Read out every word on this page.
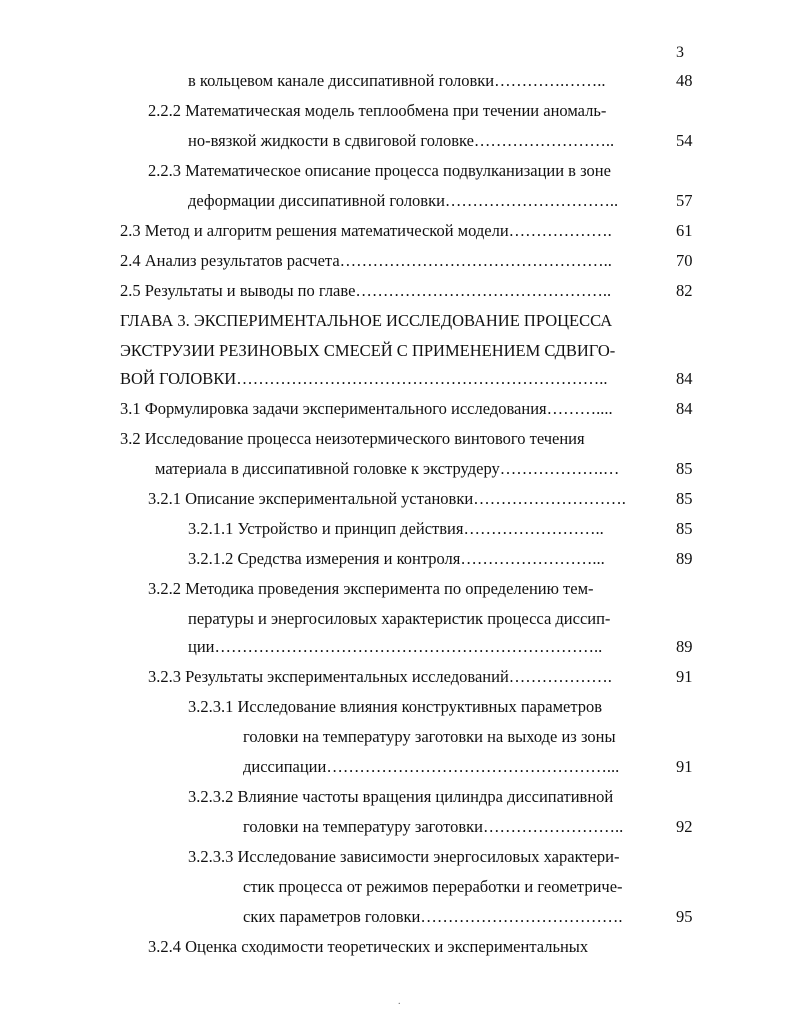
3
в кольцевом канале диссипативной головки………….……..	48
2.2.2 Математическая модель теплообмена при течении аномаль-
но-вязкой жидкости в сдвиговой головке……………………..	54
2.2.3 Математическое описание процесса подвулканизации в зоне
деформации диссипативной головки…………………………..	57
2.3 Метод и алгоритм решения математической модели……………….	61
2.4 Анализ результатов расчета…………………………………………..	70
2.5 Результаты и выводы по главе………………………………………..	82
ГЛАВА 3. ЭКСПЕРИМЕНТАЛЬНОЕ ИССЛЕДОВАНИЕ ПРОЦЕССА
ЭКСТРУЗИИ РЕЗИНОВЫХ СМЕСЕЙ С ПРИМЕНЕНИЕМ СДВИГО-
ВОЙ ГОЛОВКИ…………………………………………………………..	84
3.1 Формулировка задачи экспериментального исследования………....	84
3.2 Исследование процесса неизотермического винтового течения
материала в диссипативной головке к экструдеру……………….…	85
3.2.1 Описание экспериментальной установки……………………….	85
3.2.1.1 Устройство и принцип действия……………………..	85
3.2.1.2 Средства измерения и контроля……………………...	89
3.2.2 Методика проведения эксперимента по определению тем-
пературы и энергосиловых характеристик процесса диссип-
ции……………………………………………………………..	89
3.2.3 Результаты экспериментальных исследований……………….	91
3.2.3.1 Исследование влияния конструктивных параметров
головки на температуру заготовки на выходе из зоны
диссипации……………………………………………...	91
3.2.3.2 Влияние частоты вращения цилиндра диссипативной
головки на температуру заготовки……………………..	92
3.2.3.3 Исследование зависимости энергосиловых характери-
стик процесса от режимов переработки и геометриче-
ских параметров головки……………………………….	95
3.2.4 Оценка сходимости теоретических и экспериментальных
.
